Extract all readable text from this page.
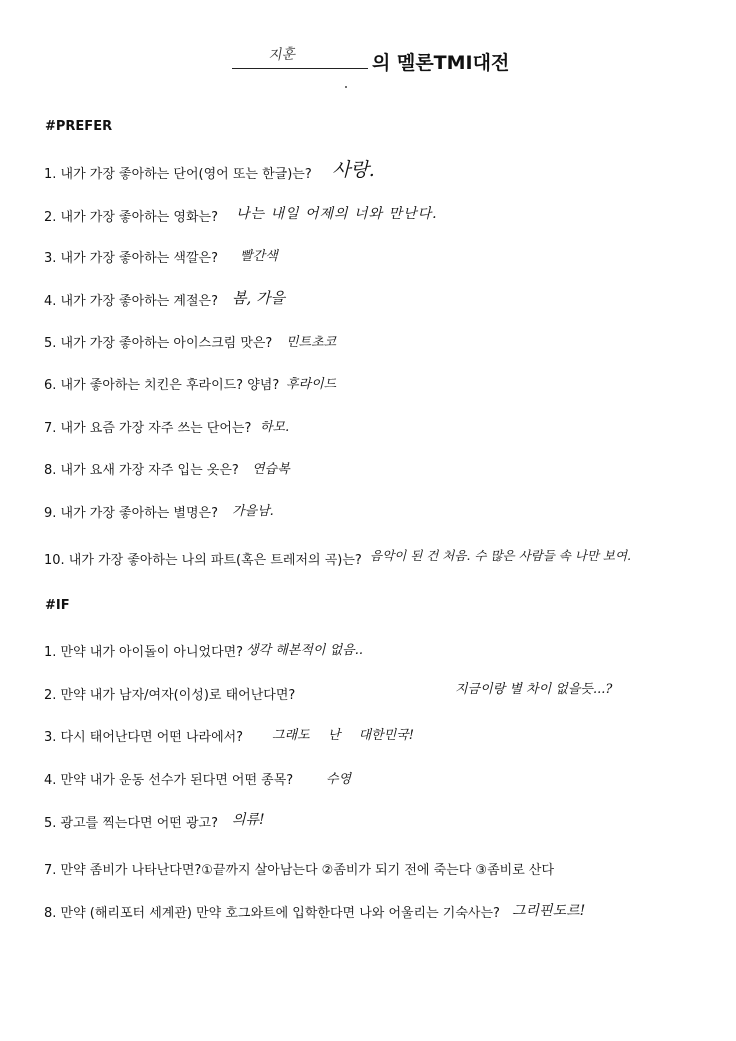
지훈	의 멜론TMI대전
#PREFER
1. 내가 가장 좋아하는 단어(영어 또는 한글)는? 사랑.
2. 내가 가장 좋아하는 영화는? 나는 내일 어제의 너와 만난다.
3. 내가 가장 좋아하는 색깔은? 빨간색
4. 내가 가장 좋아하는 계절은? 봄, 가을
5. 내가 가장 좋아하는 아이스크림 맛은? 민트초코
6. 내가 좋아하는 치킨은 후라이드? 양념? 후라이드
7. 내가 요즘 가장 자주 쓰는 단어는? 하모.
8. 내가 요새 가장 자주 입는 옷은? 연습복
9. 내가 가장 좋아하는 별명은? 가을남.
10. 내가 가장 좋아하는 나의 파트(혹은 트레저의 곡)는? 음악이 된 건 처음. 수 많은 사람들 속 나만 보여.
#IF
1. 만약 내가 아이돌이 아니었다면? 생각 해본적이 없음..
2. 만약 내가 남자/여자(이성)로 태어난다면?	지금이랑 별 차이 없을듯...?
3. 다시 태어난다면 어떤 나라에서? 그래도 난 대한민국!
4. 만약 내가 운동 선수가 된다면 어떤 종목?	수영
5. 광고를 찍는다면 어떤 광고? 의류!
7. 만약 좀비가 나타난다면?①끝까지 살아남는다 ②좀비가 되기 전에 죽는다 ③좀비로 산다
8. 만약 (해리포터 세계관) 만약 호그와트에 입학한다면 나와 어울리는 기숙사는? 그리핀도르!
